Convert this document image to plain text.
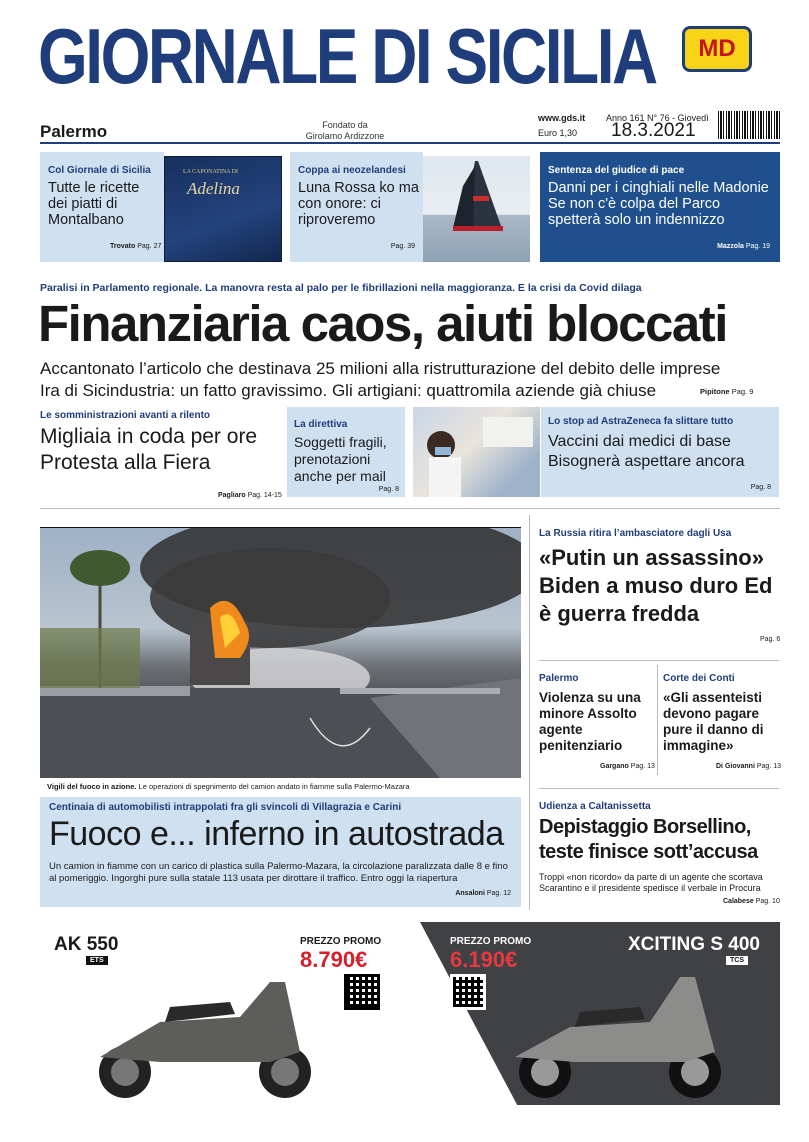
GIORNALE DI SICILIA MD
Palermo	Fondato da
Girolamo Ardizzone
www.gds.it
Euro 1,30
Anno 161 N° 76 - Giovedì
18.3.2021
Col Giornale di Sicilia
Tutte le ricette dei piatti di Montalbano
Trovato Pag. 27
LA CAPONATINA DI
Adelina
Coppa ai neozelandesi
Luna Rossa ko ma con onore: ci riproveremo
Pag. 39
Sentenza del giudice di pace
Danni per i cinghiali nelle Madonie Se non c'è colpa del Parco spetterà solo un indennizzo
Mazzola Pag. 19
Paralisi in Parlamento regionale. La manovra resta al palo per le fibrillazioni nella maggioranza. E la crisi da Covid dilaga
Finanziaria caos, aiuti bloccati
Accantonato l’articolo che destinava 25 milioni alla ristrutturazione del debito delle imprese
Ira di Sicindustria: un fatto gravissimo. Gli artigiani: quattromila aziende già chiuse	Pipitone Pag. 9
Le somministrazioni avanti a rilento
Migliaia in coda per ore Protesta alla Fiera
Pagliaro Pag. 14-15
La direttiva
Soggetti fragili, prenotazioni anche per mail
Pag. 8
Lo stop ad AstraZeneca fa slittare tutto
Vaccini dai medici di base Bisognerà aspettare ancora
Pag. 8
Vigili del fuoco in azione. Le operazioni di spegnimento del camion andato in fiamme sulla Palermo-Mazara
Centinaia di automobilisti intrappolati fra gli svincoli di Villagrazia e Carini
Fuoco e... inferno in autostrada
Un camion in fiamme con un carico di plastica sulla Palermo-Mazara, la circolazione paralizzata dalle 8 e fino al pomeriggio. Ingorghi pure sulla statale 113 usata per dirottare il traffico. Entro oggi la riapertura
Ansaloni Pag. 12
La Russia ritira l’ambasciatore dagli Usa
«Putin un assassino» Biden a muso duro Ed è guerra fredda
Pag. 6
Palermo
Violenza su una minore Assolto agente penitenziario
Gargano Pag. 13
Corte dei Conti
«Gli assenteisti devono pagare pure il danno di immagine»
Di Giovanni Pag. 13
Udienza a Caltanissetta
Depistaggio Borsellino, teste finisce sott’accusa
Troppi «non ricordo» da parte di un agente che scortava Scarantino e il presidente spedisce il verbale in Procura
Calabese Pag. 10
AK 550
ETS
PREZZO PROMO
8.790€
PREZZO PROMO
6.190€
XCITING S 400
TCS
⊂⊃ KYMCO
